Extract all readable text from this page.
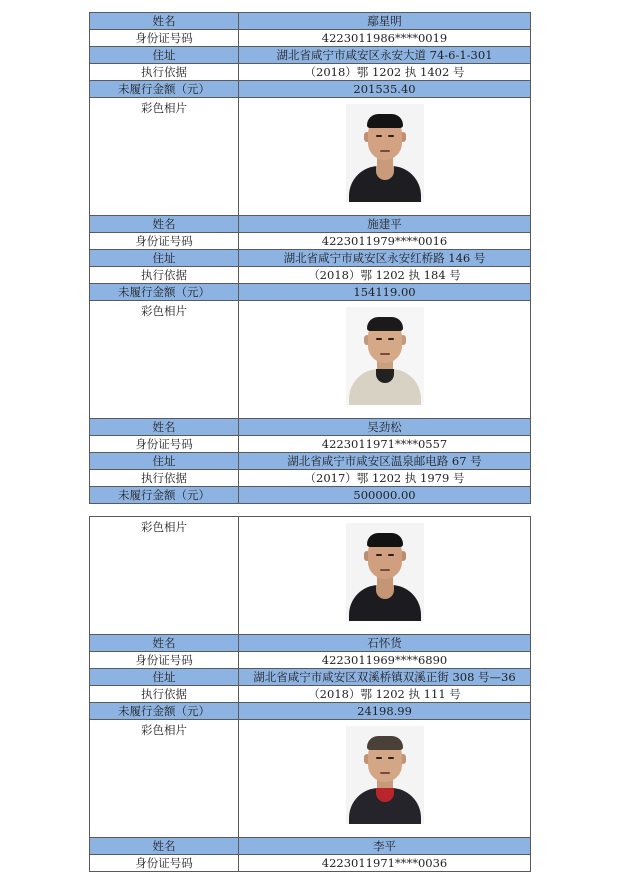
姓名	鄢星明
身份证号码	4223011986****0019
住址	湖北省咸宁市咸安区永安大道 74-6-1-301
执行依据	（2018）鄂 1202 执 1402 号
未履行金额（元）	201535.40
彩色相片	

姓名	施建平
身份证号码	4223011979****0016
住址	湖北省咸宁市咸安区永安红桥路 146 号
执行依据	（2018）鄂 1202 执 184 号
未履行金额（元）	154119.00
彩色相片	

姓名	吴劲松
身份证号码	4223011971****0557
住址	湖北省咸宁市咸安区温泉邮电路 67 号
执行依据	（2017）鄂 1202 执 1979 号
未履行金额（元）	500000.00
彩色相片	

姓名	石怀货
身份证号码	4223011969****6890
住址	湖北省咸宁市咸安区双溪桥镇双溪正街 308 号—36
执行依据	（2018）鄂 1202 执 111 号
未履行金额（元）	24198.99
彩色相片	

姓名	李平
身份证号码	4223011971****0036
